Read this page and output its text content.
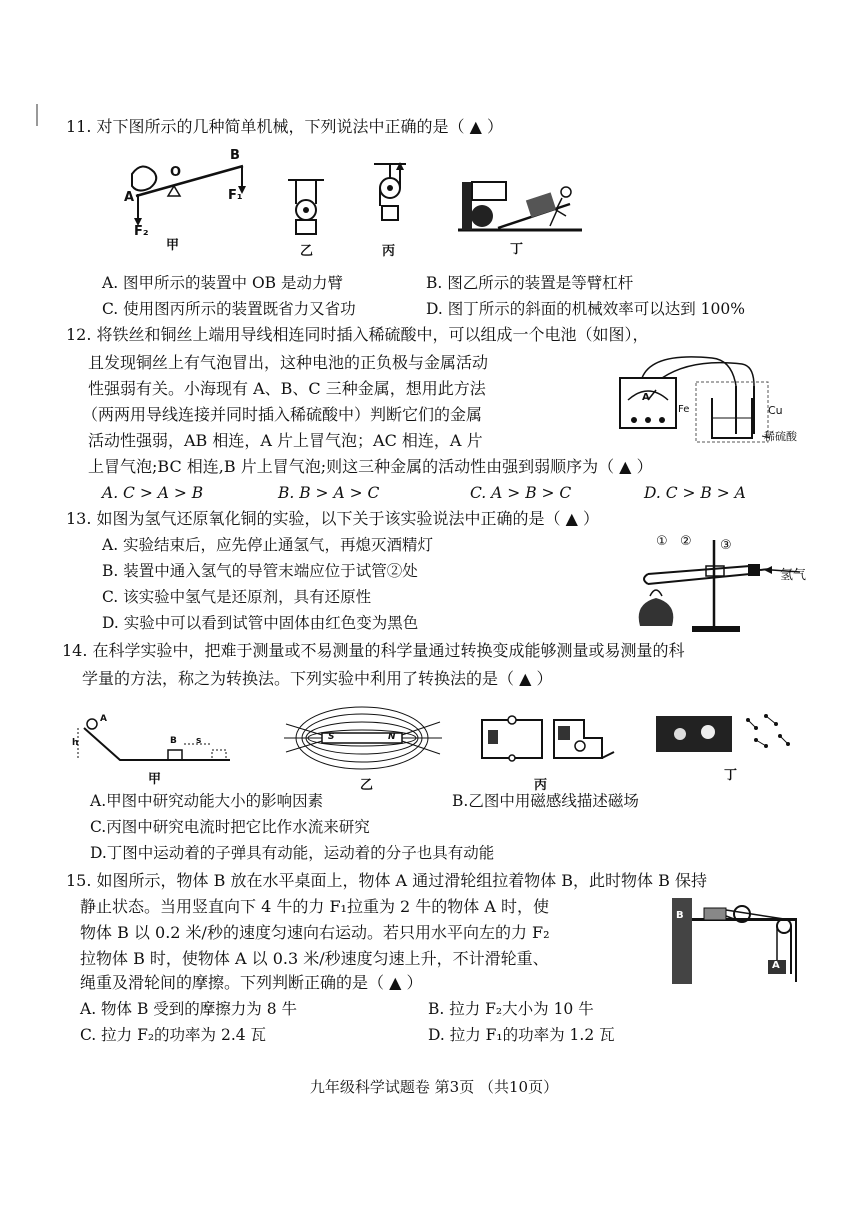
11. 对下图所示的几种简单机械，下列说法中正确的是（ ▲ ）
B
O
A	F₁
F₂
甲	乙	丙	丁
A. 图甲所示的装置中 OB 是动力臂	B. 图乙所示的装置是等臂杠杆
C. 使用图丙所示的装置既省力又省功	D. 图丁所示的斜面的机械效率可以达到 100%
12. 将铁丝和铜丝上端用导线相连同时插入稀硫酸中，可以组成一个电池（如图），
且发现铜丝上有气泡冒出，这种电池的正负极与金属活动
性强弱有关。小海现有 A、B、C 三种金属，想用此方法
（两两用导线连接并同时插入稀硫酸中）判断它们的金属
活动性强弱，AB 相连，A 片上冒气泡；AC 相连，A 片
上冒气泡;BC 相连,B 片上冒气泡;则这三种金属的活动性由强到弱顺序为（ ▲ ）
A
Fe	Cu
稀硫酸
A. C > A > B	B. B > A > C	C. A > B > C	D. C > B > A
13. 如图为氢气还原氧化铜的实验，以下关于该实验说法中正确的是（ ▲ ）
A. 实验结束后，应先停止通氢气，再熄灭酒精灯
B. 装置中通入氢气的导管末端应位于试管②处
C. 该实验中氢气是还原剂，具有还原性
D. 实验中可以看到试管中固体由红色变为黑色
① ② ③
氢气
14. 在科学实验中，把难于测量或不易测量的科学量通过转换变成能够测量或易测量的科
学量的方法，称之为转换法。下列实验中利用了转换法的是（ ▲ ）
A
B
h	s
甲
S	N
乙	丙
丁
A.甲图中研究动能大小的影响因素	B.乙图中用磁感线描述磁场
C.丙图中研究电流时把它比作水流来研究
D.丁图中运动着的子弹具有动能，运动着的分子也具有动能
15. 如图所示，物体 B 放在水平桌面上，物体 A 通过滑轮组拉着物体 B，此时物体 B 保持
静止状态。当用竖直向下 4 牛的力 F₁拉重为 2 牛的物体 A 时，使
物体 B 以 0.2 米/秒的速度匀速向右运动。若只用水平向左的力 F₂
拉物体 B 时，使物体 A 以 0.3 米/秒速度匀速上升，不计滑轮重、
绳重及滑轮间的摩擦。下列判断正确的是（ ▲ ）
B
A
A. 物体 B 受到的摩擦力为 8 牛	B. 拉力 F₂大小为 10 牛
C. 拉力 F₂的功率为 2.4 瓦	D. 拉力 F₁的功率为 1.2 瓦
九年级科学试题卷 第3页 （共10页）
